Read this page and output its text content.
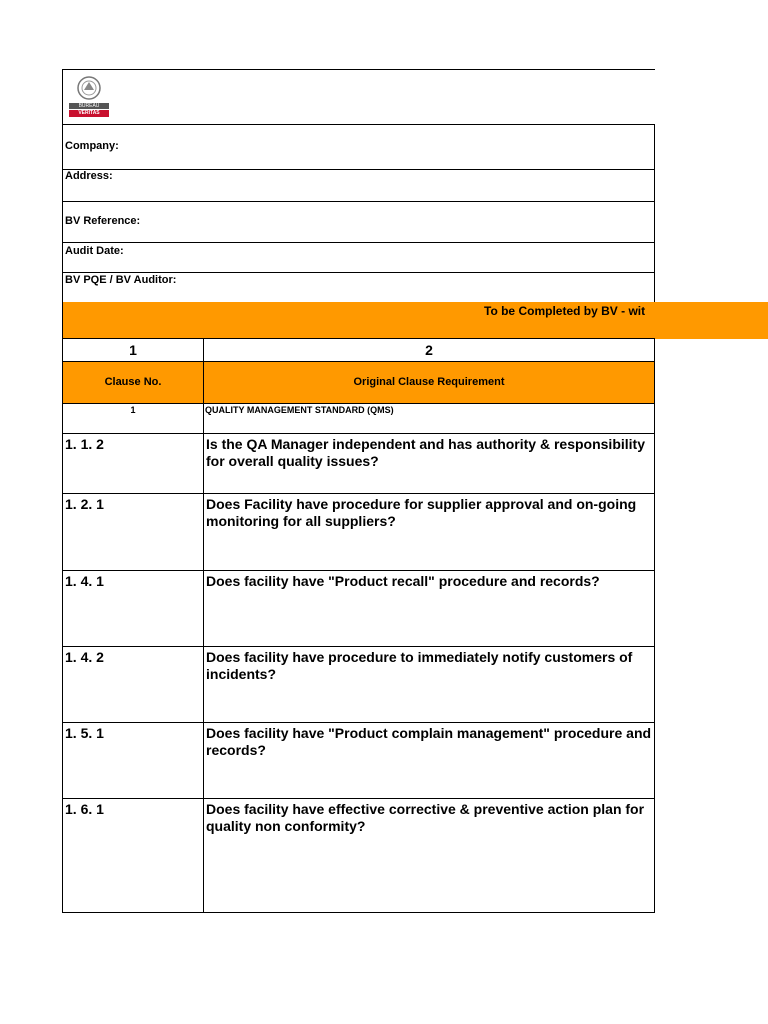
BUREAU
VERITAS
Company:
Address:
BV Reference:
Audit Date:
BV PQE / BV Auditor:
To be Completed by BV - wit
1	2
Clause No.	Original Clause Requirement
1	QUALITY MANAGEMENT STANDARD (QMS)
1. 1. 2	Is the QA Manager independent and has authority & responsibility for overall quality issues?
1. 2. 1	Does Facility have procedure for supplier approval and on-going monitoring for all suppliers?
1. 4. 1	Does facility have "Product recall" procedure and records?
1. 4. 2	Does facility have procedure to immediately notify customers of incidents?
1. 5. 1	Does facility have "Product complain management" procedure and records?
1. 6. 1	Does facility have effective corrective & preventive action plan for quality non conformity?
